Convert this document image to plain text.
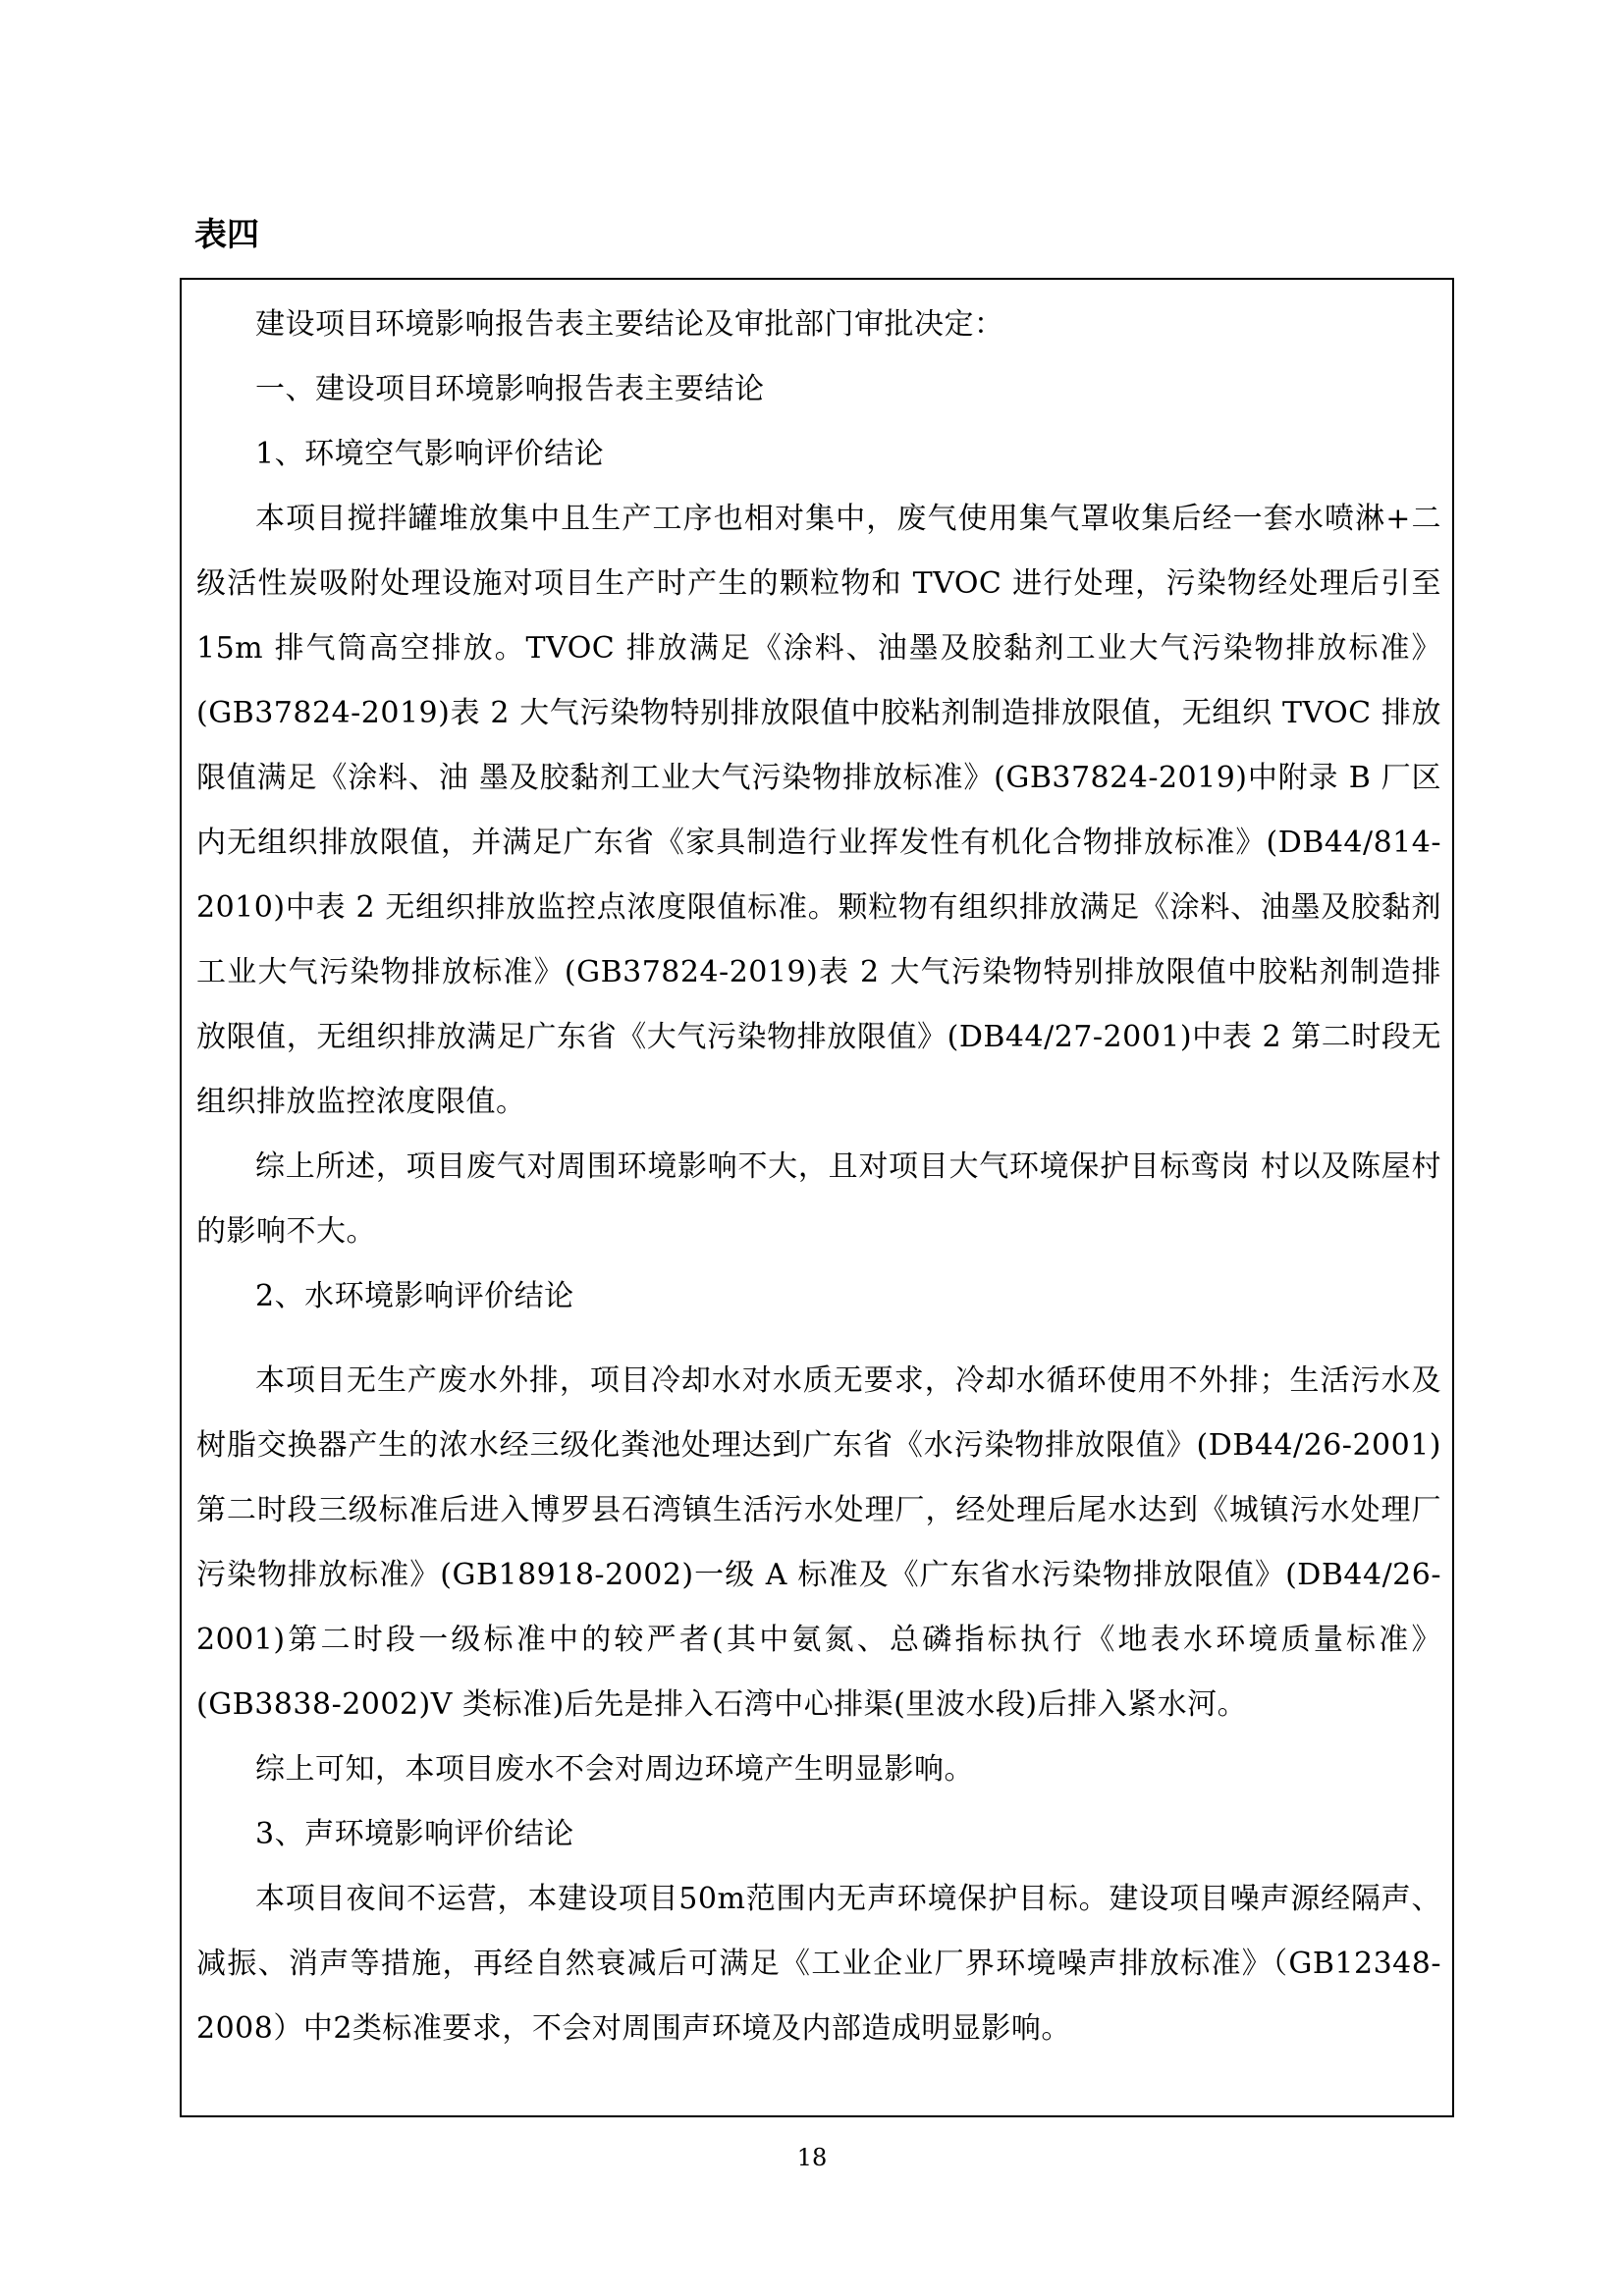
表四

建设项目环境影响报告表主要结论及审批部门审批决定：

一、建设项目环境影响报告表主要结论

1、环境空气影响评价结论

本项目搅拌罐堆放集中且生产工序也相对集中，废气使用集气罩收集后经一套水喷淋+二级活性炭吸附处理设施对项目生产时产生的颗粒物和 TVOC 进行处理，污染物经处理后引至 15m 排气筒高空排放。TVOC 排放满足《涂料、油墨及胶黏剂工业大气污染物排放标准》(GB37824-2019)表 2 大气污染物特别排放限值中胶粘剂制造排放限值，无组织 TVOC 排放限值满足《涂料、油 墨及胶黏剂工业大气污染物排放标准》(GB37824-2019)中附录 B 厂区内无组织排放限值，并满足广东省《家具制造行业挥发性有机化合物排放标准》(DB44/814-2010)中表 2 无组织排放监控点浓度限值标准。颗粒物有组织排放满足《涂料、油墨及胶黏剂工业大气污染物排放标准》(GB37824-2019)表 2 大气污染物特别排放限值中胶粘剂制造排放限值，无组织排放满足广东省《大气污染物排放限值》(DB44/27-2001)中表 2 第二时段无组织排放监控浓度限值。

综上所述，项目废气对周围环境影响不大，且对项目大气环境保护目标鸾岗 村以及陈屋村的影响不大。

2、水环境影响评价结论

本项目无生产废水外排，项目冷却水对水质无要求，冷却水循环使用不外排；生活污水及树脂交换器产生的浓水经三级化粪池处理达到广东省《水污染物排放限值》(DB44/26-2001)第二时段三级标准后进入博罗县石湾镇生活污水处理厂，经处理后尾水达到《城镇污水处理厂污染物排放标准》(GB18918-2002)一级 A 标准及《广东省水污染物排放限值》(DB44/26-2001)第二时段一级标准中的较严者(其中氨氮、总磷指标执行《地表水环境质量标准》(GB3838-2002)V 类标准)后先是排入石湾中心排渠(里波水段)后排入紧水河。

综上可知，本项目废水不会对周边环境产生明显影响。

3、声环境影响评价结论

本项目夜间不运营，本建设项目50m范围内无声环境保护目标。建设项目噪声源经隔声、减振、消声等措施，再经自然衰减后可满足《工业企业厂界环境噪声排放标准》（GB12348-2008）中2类标准要求，不会对周围声环境及内部造成明显影响。

18
